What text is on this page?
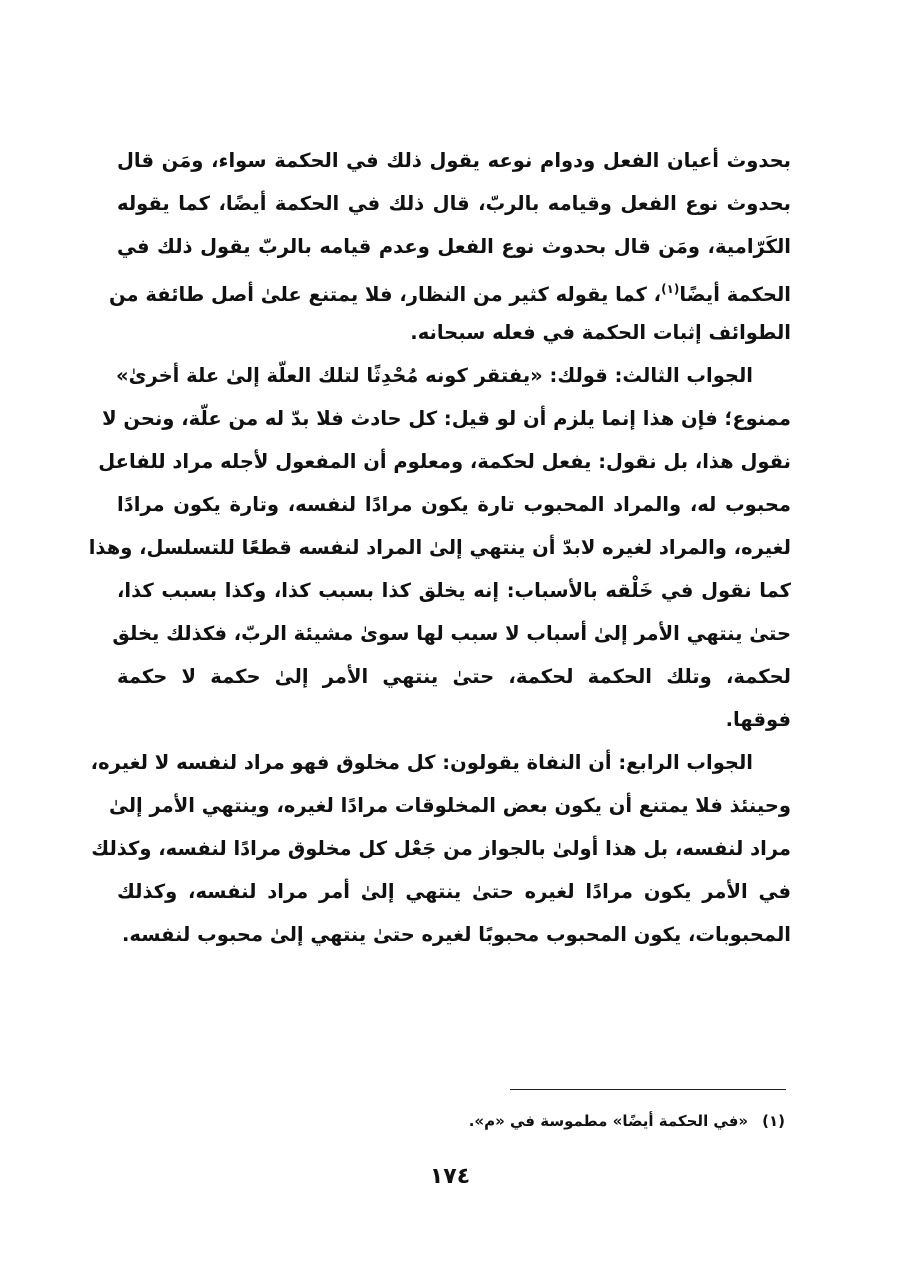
بحدوث أعيان الفعل ودوام نوعه يقول ذلك في الحكمة سواء، ومَن قال
بحدوث نوع الفعل وقيامه بالربّ، قال ذلك في الحكمة أيضًا، كما يقوله
الكَرّامية، ومَن قال بحدوث نوع الفعل وعدم قيامه بالربّ يقول ذلك في
الحكمة أيضًا$^{(١)}$، كما يقوله كثير من النظار، فلا يمتنع علىٰ أصل طائفة من
الطوائف إثبات الحكمة في فعله سبحانه.
الجواب الثالث: قولك: «يفتقر كونه مُحْدِثًا لتلك العلّة إلىٰ علة أخرىٰ»
ممنوع؛ فإن هذا إنما يلزم أن لو قيل: كل حادث فلا بدّ له من علّة، ونحن لا
نقول هذا، بل نقول: يفعل لحكمة، ومعلوم أن المفعول لأجله مراد للفاعل
محبوب له، والمراد المحبوب تارة يكون مرادًا لنفسه، وتارة يكون مرادًا
لغيره، والمراد لغيره لابدّ أن ينتهي إلىٰ المراد لنفسه قطعًا للتسلسل، وهذا
كما نقول في خَلْقه بالأسباب: إنه يخلق كذا بسبب كذا، وكذا بسبب كذا،
حتىٰ ينتهي الأمر إلىٰ أسباب لا سبب لها سوىٰ مشيئة الربّ، فكذلك يخلق
لحكمة، وتلك الحكمة لحكمة، حتىٰ ينتهي الأمر إلىٰ حكمة لا حكمة
فوقها.
الجواب الرابع: أن النفاة يقولون: كل مخلوق فهو مراد لنفسه لا لغيره،
وحينئذ فلا يمتنع أن يكون بعض المخلوقات مرادًا لغيره، وينتهي الأمر إلىٰ
مراد لنفسه، بل هذا أولىٰ بالجواز من جَعْل كل مخلوق مرادًا لنفسه، وكذلك
في الأمر يكون مرادًا لغيره حتىٰ ينتهي إلىٰ أمر مراد لنفسه، وكذلك
المحبوبات، يكون المحبوب محبوبًا لغيره حتىٰ ينتهي إلىٰ محبوب لنفسه.
(١)«في الحكمة أيضًا» مطموسة في «م».
١٧٤
